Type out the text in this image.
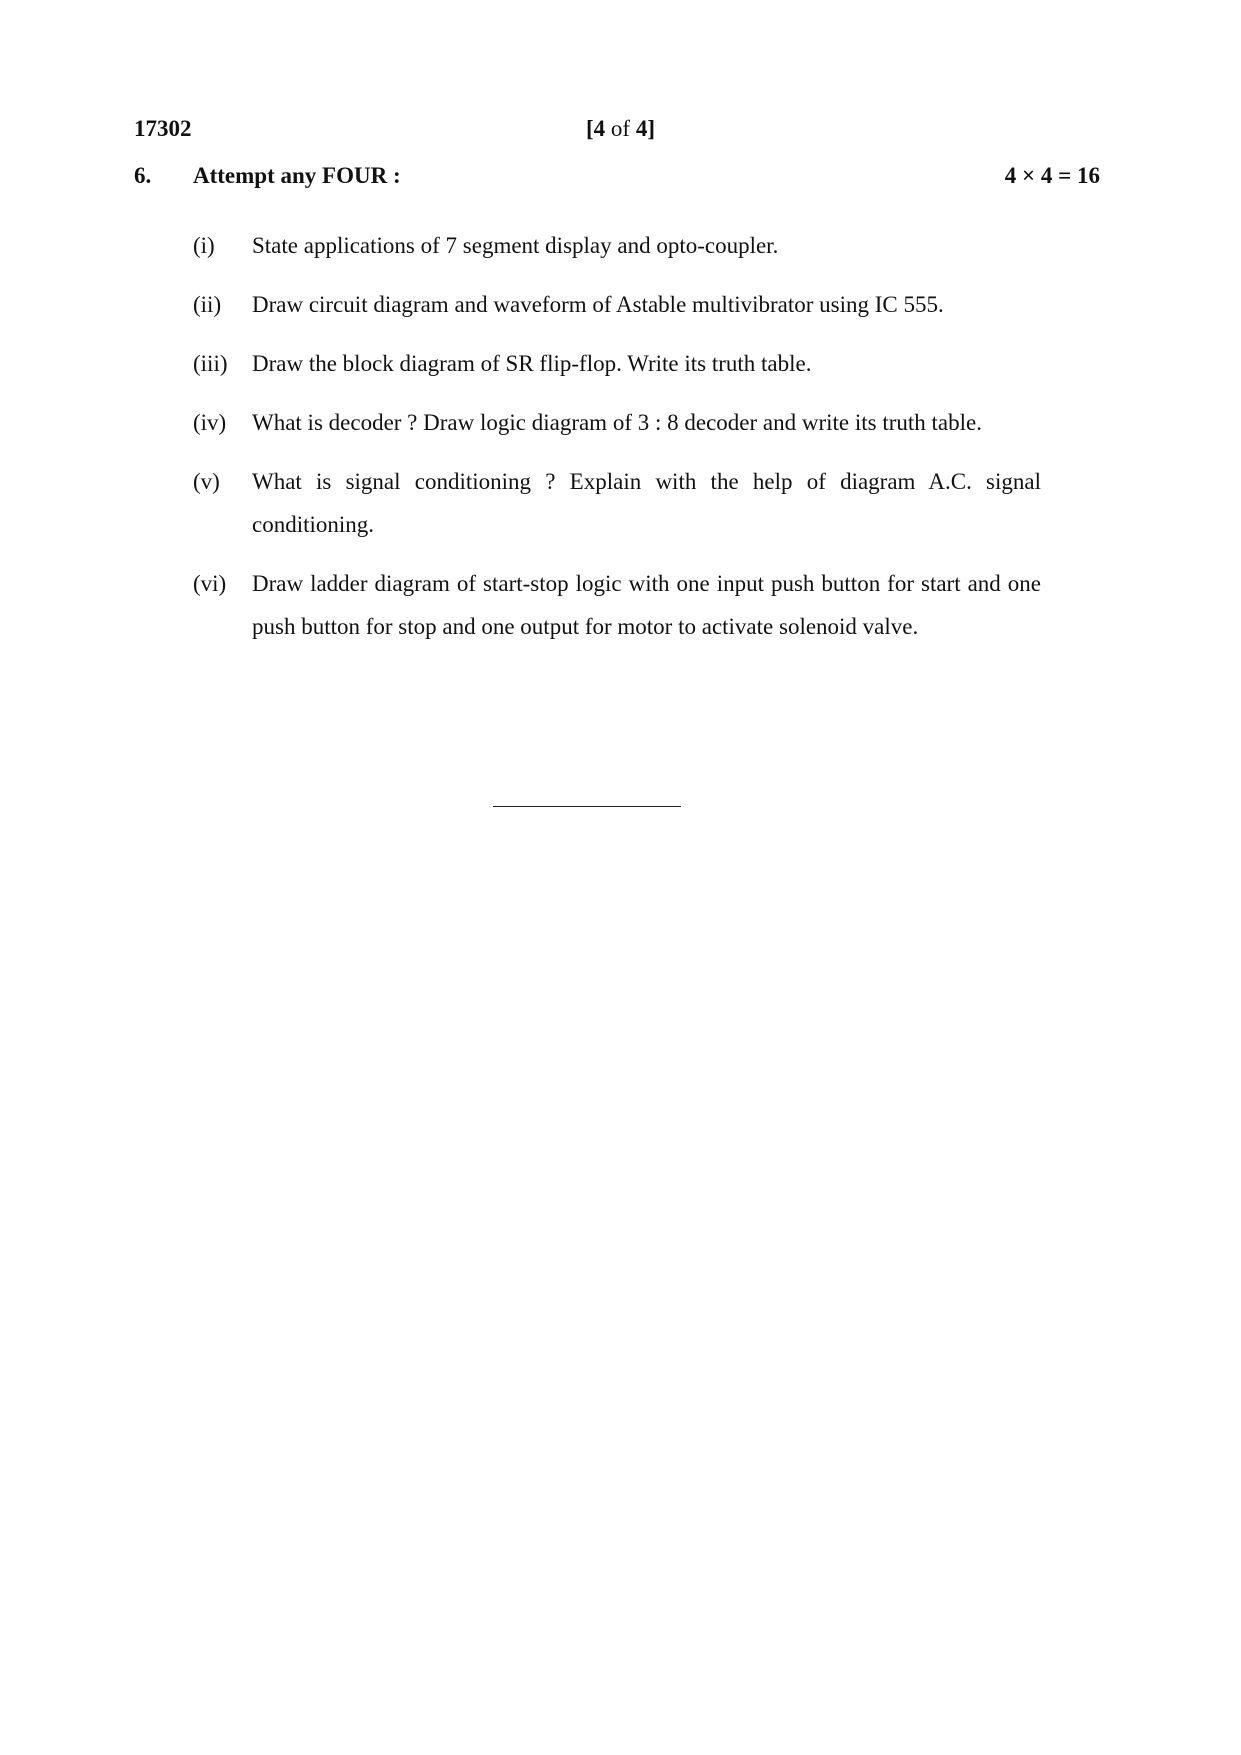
17302	[4 of 4]
6. Attempt any FOUR :	4 × 4 = 16
(i)	State applications of 7 segment display and opto-coupler.
(ii)	Draw circuit diagram and waveform of Astable multivibrator using IC 555.
(iii)	Draw the block diagram of SR flip-flop. Write its truth table.
(iv)	What is decoder ? Draw logic diagram of 3 : 8 decoder and write its truth table.
(v)	What is signal conditioning ? Explain with the help of diagram A.C. signal conditioning.
(vi)	Draw ladder diagram of start-stop logic with one input push button for start and one push button for stop and one output for motor to activate solenoid valve.
